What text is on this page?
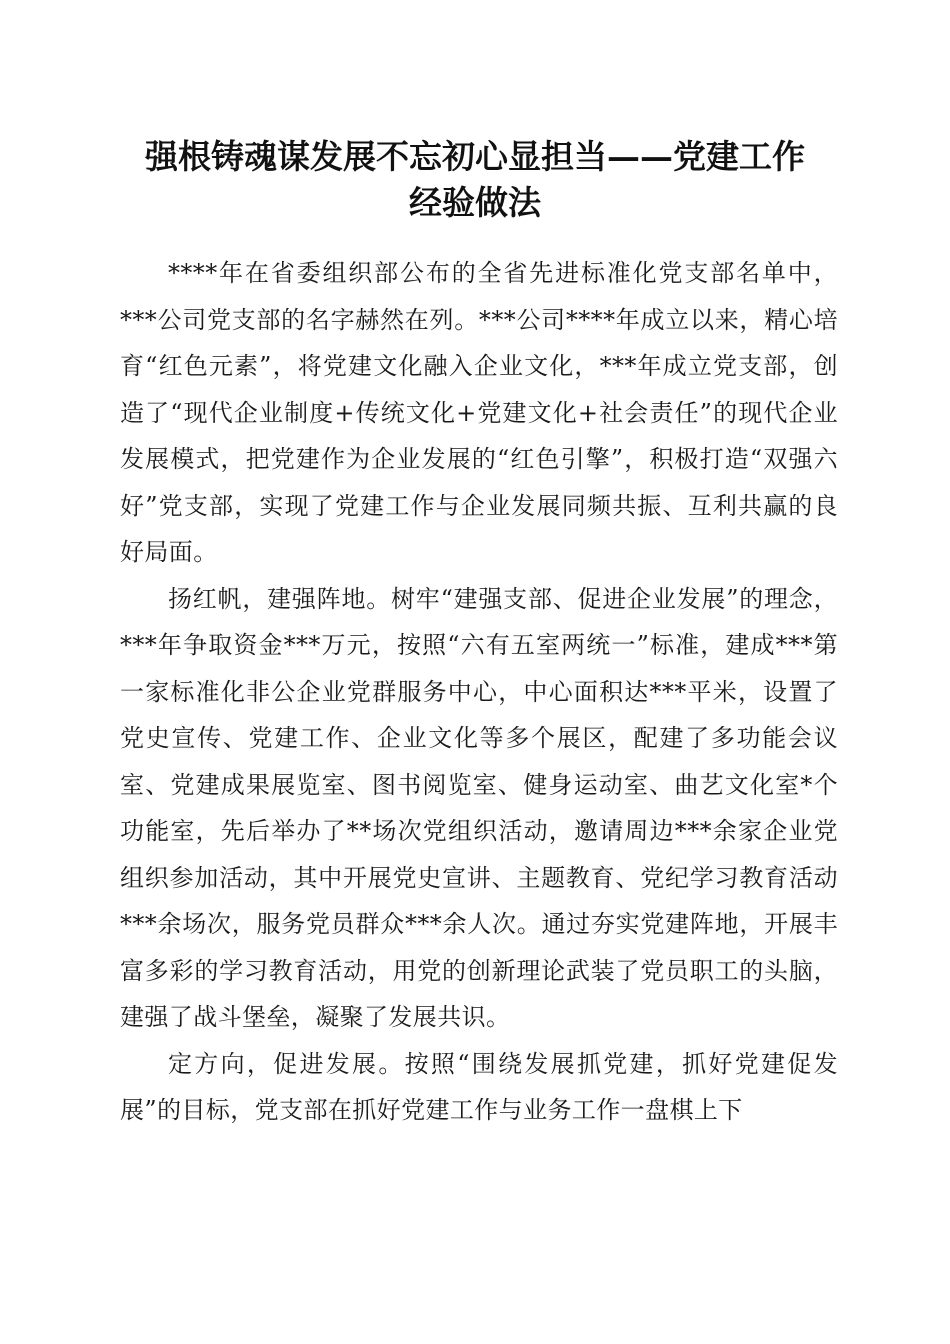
强根铸魂谋发展不忘初心显担当——党建工作
经验做法

****年在省委组织部公布的全省先进标准化党支部名单中，***公司党支部的名字赫然在列。***公司****年成立以来，精心培育“红色元素”，将党建文化融入企业文化，***年成立党支部，创造了“现代企业制度+传统文化+党建文化+社会责任”的现代企业发展模式，把党建作为企业发展的“红色引擎”，积极打造“双强六好”党支部，实现了党建工作与企业发展同频共振、互利共赢的良好局面。

扬红帆，建强阵地。树牢“建强支部、促进企业发展”的理念，***年争取资金***万元，按照“六有五室两统一”标准，建成***第一家标准化非公企业党群服务中心，中心面积达***平米，设置了党史宣传、党建工作、企业文化等多个展区，配建了多功能会议室、党建成果展览室、图书阅览室、健身运动室、曲艺文化室*个功能室，先后举办了**场次党组织活动，邀请周边***余家企业党组织参加活动，其中开展党史宣讲、主题教育、党纪学习教育活动***余场次，服务党员群众***余人次。通过夯实党建阵地，开展丰富多彩的学习教育活动，用党的创新理论武装了党员职工的头脑，建强了战斗堡垒，凝聚了发展共识。

定方向，促进发展。按照“围绕发展抓党建，抓好党建促发展”的目标，党支部在抓好党建工作与业务工作一盘棋上下
